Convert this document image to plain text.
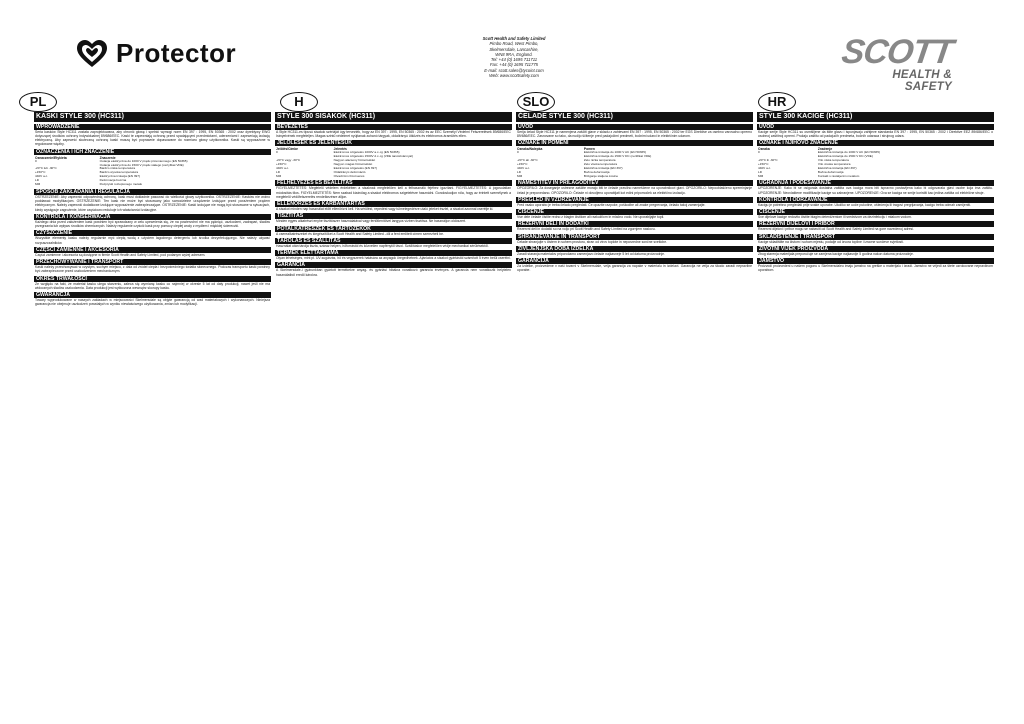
Protector	Scott Health and Safety Limited
Pimbo Road, West Pimbo,
Skelmersdale, Lancashire,
WN8 9RA, England.
Tel: +44 (0) 1695 711711
Fax: +44 (0) 1695 711775
E-mail: scott.sales@tycoint.com
Web: www.scottsafety.com
SCOTT
HEALTH & SAFETY
PL	H	SLO	HR
KASKI STYLE 300 (HC311)
WPROWADZENIE
Seria kasków Style HC311 została zaprojektowana, aby chronić głowę i spełnić wymogi norm EN 397 : 1995, EN 50365 : 2002 oraz dyrektywy EWG dotyczącej środków ochrony indywidualnej 89/686/EEC. Kaski te zapewniają ochronę przed spadającymi przedmiotami, uderzeniami i zapewniają izolację elektryczną. Aby zapewnić skuteczną ochronę kaski muszą być poprawnie dopasowane do rozmiaru głowy użytkownika. Kaski są wyposażone w regulowane więźby.
OZNACZENIA I ICH ZNACZENIE
Oznaczenie/Etykieta	Znaczenie
0	Izolacja elektryczna do 1000 V prądu przemiennego (EN 50365)
	Izolacja elektryczna do 1500 V prądu stałego (certyfikat VDE)
-20°C lub -30°C	Bardzo niska temperatura
+150°C	Bardzo wysoka temperatura
440V a.c.	Elektryczna izolacja (EN 397)
LD	Deformacja boczna
MM	Rozpryski roztopionego metalu
SPOSÓB ZAKŁADANIA I REGULACJA
OSTRZEŻENIE: Aby zapewnić odpowiednią ochronę, kask musi dokładnie pasować do wielkości głowy użytkownika. OSTRZEŻENIE: Kasków nie wolno poddawać modyfikacjom. OSTRZEŻENIE: Ten kask nie może być stosowany jako samodzielne urządzenie izolujące przed porażeniem prądem elektrycznym. Należy zapewnić dodatkowe izolujące wyposażenie zabezpieczające. OSTRZEŻENIE: Kaski izolujące nie mogą być stosowane w sytuacjach, kiedy występuje zagrożenie, które częściowo redukuje ich właściwości izolacyjne.
KONTROLA I KONSERWACJA
Każdego dnia przed założeniem kask powinien być sprawdzany w celu upewnienia się, że na powierzchni nie ma pęknięć, uszkodzeń, zadrapań, śladów przegrzania lub wpływu środków chemicznych. Należy regularnie czyścić kask przy pomocy ciepłej wody z mydłem i miękkiej ściereczki.
CZYSZCZENIE
Wszystkie elementy kasku należy regularnie myć ciepłą wodą z użyciem łagodnego detergentu lub środka dezynfekującego. Nie należy używać rozpuszczalników.
CZĘŚCI ZAMIENNE I AKCESORIA
Części zamienne i akcesoria są dostępne w firmie Scott Health and Safety Limited, pod podanym wyżej adresem.
PRZECHOWYWANIE I TRANSPORT
Kaski należy przechowywać w czystym, suchym miejscu, z dala od źródeł ciepła i bezpośredniego światła słonecznego. Podczas transportu kaski powinny być zabezpieczone przed uszkodzeniem mechanicznym.
OKRES TRWAŁOŚCI
Ze względu na fakt, że materiał kasku ulega starzeniu, zaleca się wymianę kasku co najmniej w okresie 5 lat od daty produkcji, nawet jeśli nie ma widocznych śladów uszkodzenia. Data produkcji jest wytłoczona wewnątrz skorupy kasku.
GWARANCJA
Towary wyprodukowane w naszych zakładach w miejscowości Skelmersdale są objęte gwarancją od wad materiałowych i wykonawczych. Niniejsza gwarancja nie obejmuje uszkodzeń powstałych w wyniku niewłaściwego użytkowania, zmian lub modyfikacji.
STYLE 300 SISAKOK (HC311)
BEVEZETÉS
A Style HC311-es típusú sisakok szériáját úgy tervezték, hogy az EN 397 : 1995, EN 50365 : 2002 és az EEC Személyi Védelmi Felszerelések 89/686/EEC Irányelvének megfeleljen. Magas szintű védelmet nyújtanak zuhanó tárgyak, oldalirányú ütközés és elektromos áramütés ellen.
JELÖLÉSEK ÉS JELENTÉSÜK
Jelölés/Címke	Jelentés
0	Elektromos szigetelés 1000V a.c.-ig (EN 50365)
	Elektromos szigetelés 1500V d.c.-ig (VDE tanúsítvánnyal)
-20°C vagy -30°C	Nagyon alacsony hőmérséklet
+150°C	Nagyon magas hőmérséklet
440V a.c.	Elektromos szigetelés (EN 397)
LD	Oldalirányú deformáció
MM	Olvadt fém fröccsenés
FELHELYEZÉS ÉS BEÁLLÍTÁS
FIGYELMEZTETÉS: Megfelelő védelem érdekében a sisaknak megfelelően kell a felhasználó fejéhez igazítani. FIGYELMEZTETÉS: A jogosulatlan módosítás tilos. FIGYELMEZTETÉS: Nem szabad kizárólag a sisakot elektromos szigetelésre használni. Gondoskodjon róla, hogy az érintett személynek a megfelelő védőfelszerelés rendelkezésre álljon.
ELLENŐRZÉS ÉS KARBANTARTÁS
A sisakot minden nap használat előtt ellenőrizni kell. Ha sérülést, repedést vagy túlmelegedésre utaló jeleket észlel, a sisakot azonnal cserélje ki.
TISZTÍTÁS
Minden egyes alkatrészt enyhe tisztítószer használatával vagy fertőtlenítővel langyos vízben tisztítsa. Ne használjon oldószert.
PÓTALKATRÉSZEK ÉS TARTOZÉKOK
A cserealkatrészeket és kiegészítőket a Scott Health and Safety Limited –től a fent említett címen szerezheti be.
TÁROLÁS ÉS SZÁLLÍTÁS
Használat után tárolja tiszta, száraz helyen, hőforrástól és közvetlen napfénytől távol. Szállításkor megfelelően védje mechanikai sérülésektől.
TERMÉK ÉLETTARTAMA
Olyan lehetséges, mint pl. UV-sugárzás, hő és vegyszerek hatására az anyagok öregedhetnek. Ajánlatos a sisakot gyártástól számított 5 éven belül cserélni.
GARANCIA
A Skelmersdale-i gyárunkban gyártott termékekre anyag- és gyártási hibákra vonatkozó garancia érvényes. A garancia nem vonatkozik helytelen használatból eredő károkra.
ČELADE STYLE 300 (HC311)
UVOD
Serija čelad Style HC311 je namenjena zaščiti glave v skladu z zahtevami EN 397 : 1995, EN 50365 : 2002 ter EGS Direktive za osebno varovalno opremo 89/686/EEC. Zasnovane so tako, da nudijo ščitenje pred padajočimi predmeti, bočnimi udarci in električnim udarom.
OZNAKE IN POMENI
Oznaka/Nalepka	Pomen
0	Električna izolacija do 1000 V AC (EN 50365)
	Električna izolacija do 1500 V DC (certifikat VDE)
-20°C ali -30°C	Zelo nizka temperatura
+150°C	Zelo visoka temperatura
440V a.c.	Električna izolacija (EN 397)
LD	Bočna deformacija
MM	Brizganje staljene kovine
NAMESTITEV IN PRILAGODITEV
OPOZORILO: Za doseganje ustrezne zaščite morajo biti te čelade pravilno nameščene na uporabnikovi glavi. OPOZORILO: Nepooblaščeno spreminjanje čelad je prepovedano. OPOZORILO: Čelade ni dovoljeno uporabljati kot edini pripomoček za električno izolacijo.
PREGLED IN VZDRŽEVANJE
Pred vsako uporabo je treba čelado pregledati. Če opazite razpoke, poškodbe ali znake pregrevanja, čelado takoj zamenjajte.
ČIŠČENJE
Vse dele čelade čistite redno z blagim čistilom ali razkužilom in mlačno vodo. Ne uporabljajte topil.
REZERVNI DELI IN DODATKI
Rezervni deli in dodatki so na voljo pri Scott Health and Safety Limited na zgornjem naslovu.
SHRANJEVANJE IN TRANSPORT
Čelade shranjujte v čistem in suhem prostoru, stran od virov toplote in neposredne sončne svetlobe.
ŽIVLJENJSKA DOBA IZDELKA
Zaradi staranja materialov priporočamo zamenjavo čelade najkasneje 5 let od datuma proizvodnje.
GARANCIJA
Za izdelke, proizvedene v naši tovarni v Skelmersdale, velja garancija za napake v materialu in izdelavi. Garancija ne velja za škodo zaradi nepravilne uporabe.
STYLE 300 KACIGE (HC311)
UVOD
Kacige serije Style HC311 su osmišljene da štite glavu i ispunjavaju zahtjeve standarda EN 397 : 1995, EN 50365 : 2002 i Direktive EEZ 89/686/EEC o osobnoj zaštitnoj opremi. Pružaju zaštitu od padajućih predmeta, bočnih udaraca i strujnog udara.
OZNAKE I NJIHOVO ZNAČENJE
Oznaka	Značenje
0	Električna izolacija do 1000 V AC (EN 50365)
	Električna izolacija do 1500 V DC (VDE)
-20°C ili -30°C	Vrlo niska temperatura
+150°C	Vrlo visoka temperatura
440V a.c.	Električna izolacija (EN 397)
LD	Bočna deformacija
MM	Kontakt s rastaljenim metalom
UGRADNJA I PODEŠAVANJE
UPOZORENJE: Kako bi se osigurala dostatna zaštita ova kaciga mora biti ispravno postavljena kako bi odgovarala glavi osobe koja ima zaštitu. UPOZORENJE: Neovlaštene modifikacije kacige su zabranjene. UPOZORENJE: Ova se kaciga ne smije koristiti kao jedina zaštita od električne struje.
KONTROLA I ODRŽAVANJE
Kacigu je potrebno pregledati prije svake uporabe. Ukoliko se uoče pukotine, oštećenja ili tragovi pregrijavanja, kacigu treba odmah zamijeniti.
ČIŠĆENJE
Sve dijelove kacige redovito čistite blagim deterdžentom ili sredstvom za dezinfekciju i mlakom vodom.
REZERVNI DIJELOVI I PRIBOR
Rezervni dijelovi i pribor mogu se nabaviti od Scott Health and Safety Limited na gore navedenoj adresi.
SKLADIŠTENJE I TRANSPORT
Kacige skladištite na čistom i suhom mjestu, podalje od izvora topline i izravne sunčeve svjetlosti.
ŽIVOTNI VIJEK PROIZVODA
Zbog starenja materijala preporučuje se zamjena kacige najkasnije 5 godina nakon datuma proizvodnje.
JAMSTVO
Proizvodi proizvedeni u našem pogonu u Skelmersdaleu imaju jamstvo na greške u materijalu i izradi. Jamstvo ne vrijedi za štete uzrokovane nepravilnom uporabom.
